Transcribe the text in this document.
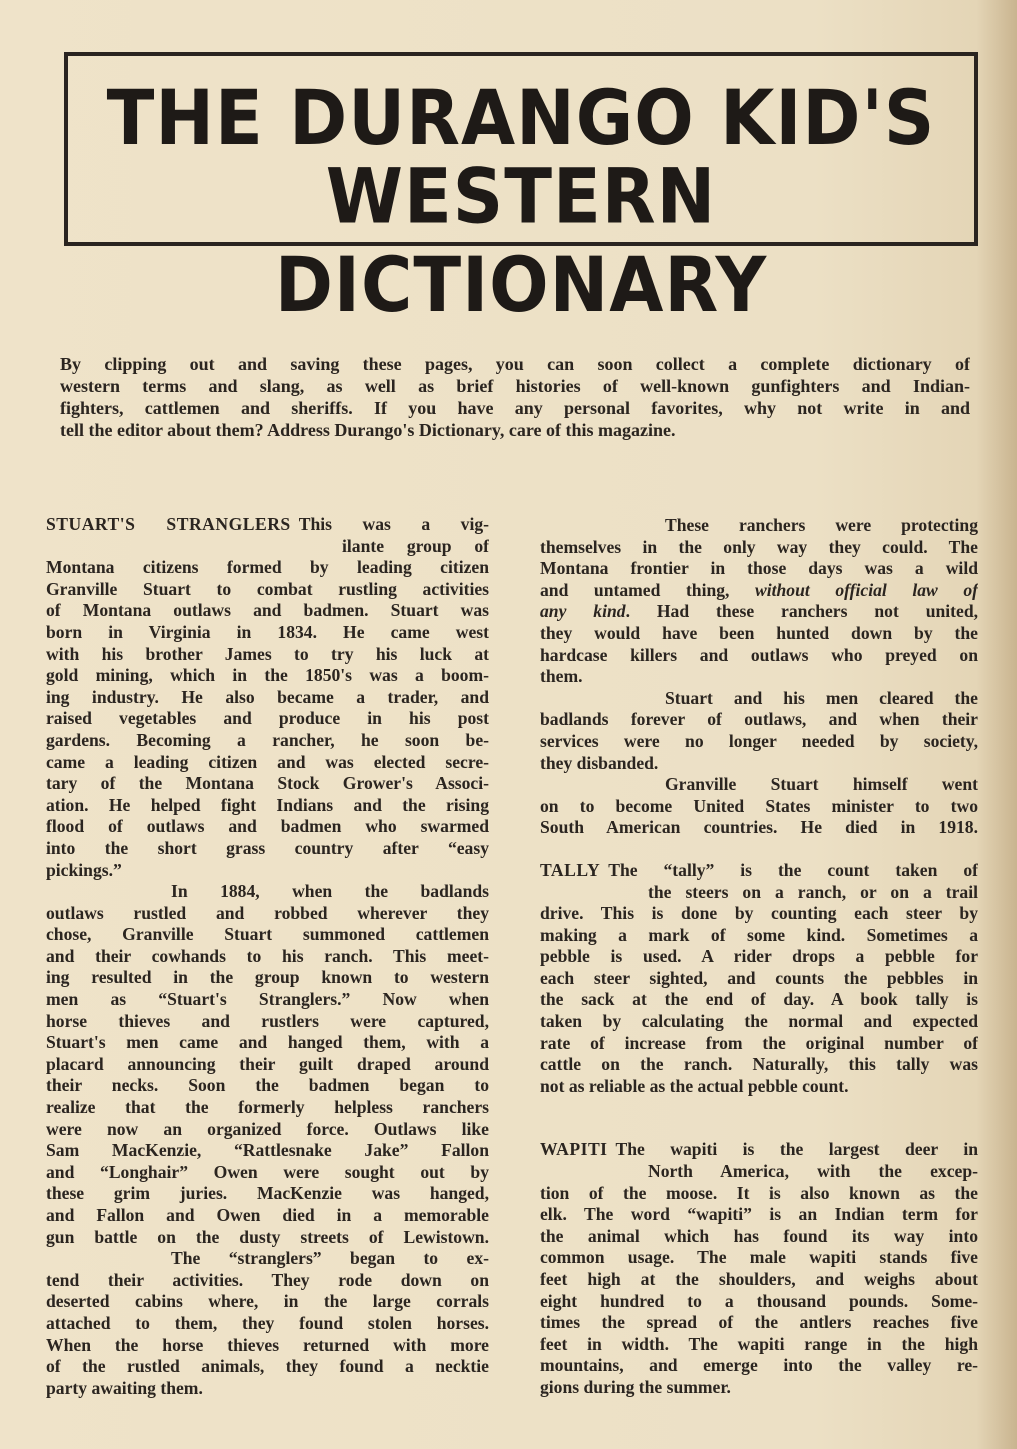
THE DURANGO KID'S
WESTERN DICTIONARY
By clipping out and saving these pages, you can soon collect a complete dictionary of
western terms and slang, as well as brief histories of well-known gunfighters and Indian-
fighters, cattlemen and sheriffs. If you have any personal favorites, why not write in and
tell the editor about them? Address Durango's Dictionary, care of this magazine.
STUART'S STRANGLERS This was a vig-
ilante group of
Montana citizens formed by leading citizen
Granville Stuart to combat rustling activities
of Montana outlaws and badmen. Stuart was
born in Virginia in 1834. He came west
with his brother James to try his luck at
gold mining, which in the 1850's was a boom-
ing industry. He also became a trader, and
raised vegetables and produce in his post
gardens. Becoming a rancher, he soon be-
came a leading citizen and was elected secre-
tary of the Montana Stock Grower's Associ-
ation. He helped fight Indians and the rising
flood of outlaws and badmen who swarmed
into the short grass country after “easy
pickings.”
In 1884, when the badlands
outlaws rustled and robbed wherever they
chose, Granville Stuart summoned cattlemen
and their cowhands to his ranch. This meet-
ing resulted in the group known to western
men as “Stuart's Stranglers.” Now when
horse thieves and rustlers were captured,
Stuart's men came and hanged them, with a
placard announcing their guilt draped around
their necks. Soon the badmen began to
realize that the formerly helpless ranchers
were now an organized force. Outlaws like
Sam MacKenzie, “Rattlesnake Jake” Fallon
and “Longhair” Owen were sought out by
these grim juries. MacKenzie was hanged,
and Fallon and Owen died in a memorable
gun battle on the dusty streets of Lewistown.
The “stranglers” began to ex-
tend their activities. They rode down on
deserted cabins where, in the large corrals
attached to them, they found stolen horses.
When the horse thieves returned with more
of the rustled animals, they found a necktie
party awaiting them.
These ranchers were protecting
themselves in the only way they could. The
Montana frontier in those days was a wild
and untamed thing, without official law of
any kind. Had these ranchers not united,
they would have been hunted down by the
hardcase killers and outlaws who preyed on
them.
Stuart and his men cleared the
badlands forever of outlaws, and when their
services were no longer needed by society,
they disbanded.
Granville Stuart himself went
on to become United States minister to two
South American countries. He died in 1918.
TALLY The “tally” is the count taken of
the steers on a ranch, or on a trail
drive. This is done by counting each steer by
making a mark of some kind. Sometimes a
pebble is used. A rider drops a pebble for
each steer sighted, and counts the pebbles in
the sack at the end of day. A book tally is
taken by calculating the normal and expected
rate of increase from the original number of
cattle on the ranch. Naturally, this tally was
not as reliable as the actual pebble count.
WAPITI The wapiti is the largest deer in
North America, with the excep-
tion of the moose. It is also known as the
elk. The word “wapiti” is an Indian term for
the animal which has found its way into
common usage. The male wapiti stands five
feet high at the shoulders, and weighs about
eight hundred to a thousand pounds. Some-
times the spread of the antlers reaches five
feet in width. The wapiti range in the high
mountains, and emerge into the valley re-
gions during the summer.
